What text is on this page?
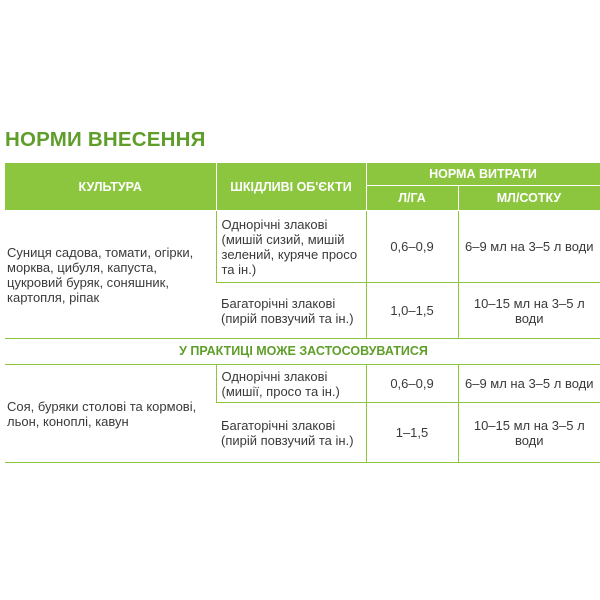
НОРМИ ВНЕСЕННЯ
КУЛЬТУРА	ШКІДЛИВІ ОБ'ЄКТИ	НОРМА ВИТРАТИ	
		Л/ГА	МЛ/СОТКУ
Суниця садова, томати, огірки, морква, цибуля, капуста, цукровий буряк, соняшник, картопля, ріпак	Однорічні злакові (мишій сизий, мишій зелений, куряче просо та ін.)	0,6–0,9	6–9 мл на 3–5 л води
	Багаторічні злакові (пирій повзучий та ін.)	1,0–1,5	10–15 мл на 3–5 л води
У ПРАКТИЦІ МОЖЕ ЗАСТОСОВУВАТИСЯ			
Соя, буряки столові та кормові, льон, коноплі, кавун	Однорічні злакові (мишії, просо та ін.)	0,6–0,9	6–9 мл на 3–5 л води
	Багаторічні злакові (пирій повзучий та ін.)	1–1,5	10–15 мл на 3–5 л води
